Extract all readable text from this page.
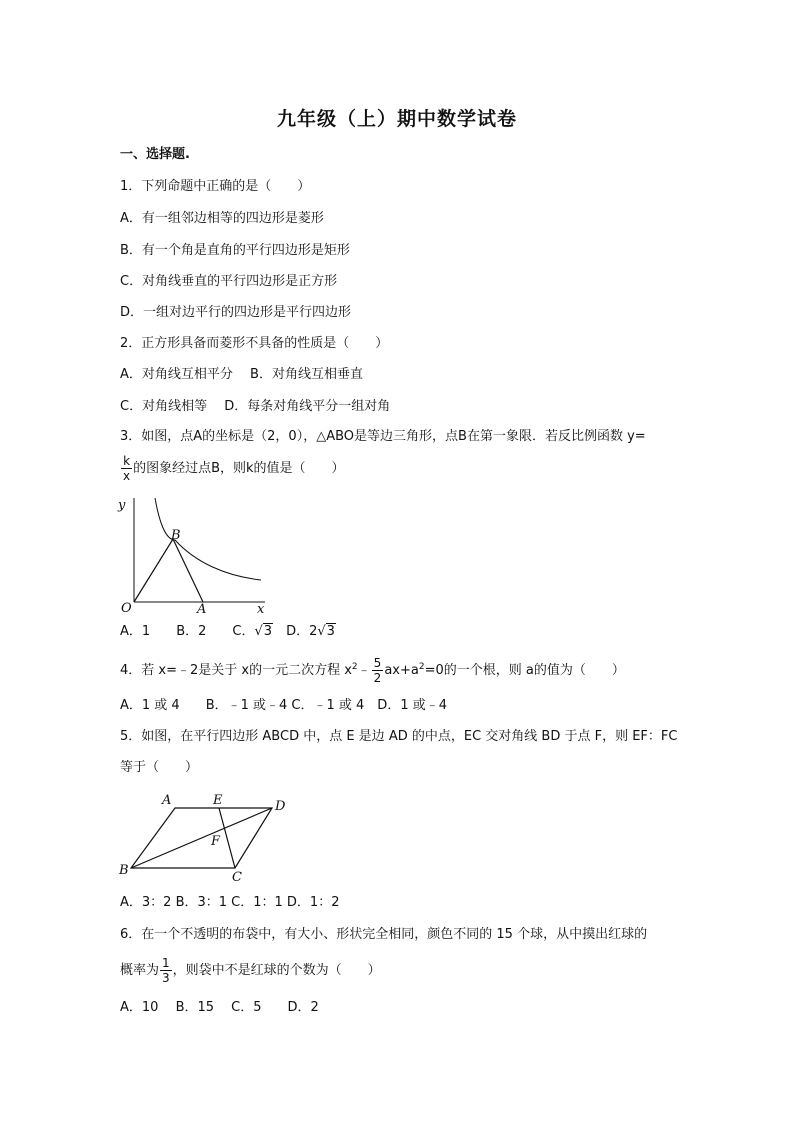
九年级（上）期中数学试卷
一、选择题.
1．下列命题中正确的是（　　）
A．有一组邻边相等的四边形是菱形
B．有一个角是直角的平行四边形是矩形
C．对角线垂直的平行四边形是正方形
D．一组对边平行的四边形是平行四边形
2．正方形具备而菱形不具备的性质是（　　）
A．对角线互相平分　 B．对角线互相垂直
C．对角线相等　 D．每条对角线平分一组对角
3．如图，点A的坐标是（2，0），△ABO是等边三角形，点B在第一象限．若反比例函数 y=
$\frac{k}{x}$ 的图象经过点B，则k的值是（　　）
y
x
O	A
B
A．1　　 B．2　　 C．√3　 D．2√3
4．若 x=﹣2是关于 x的一元二次方程 $x^2﹣ \frac{5}{2} ax+a^2=0$的一个根，则 a的值为（　　）
A．1 或 4　　B．﹣1 或﹣4 C．﹣1 或 4　D．1 或﹣4
5．如图，在平行四边形 ABCD 中，点 E 是边 AD 的中点，EC 交对角线 BD 于点 F，则 EF：FC
等于（　　）
A	E	D
F
B	C
A．3：2 B．3：1 C．1：1 D．1：2
6．在一个不透明的布袋中，有大小、形状完全相同，颜色不同的 15 个球，从中摸出红球的
概率为 $\frac{1}{3}$ ，则袋中不是红球的个数为（　　）
A．10　 B．15　 C．5　　D．2
